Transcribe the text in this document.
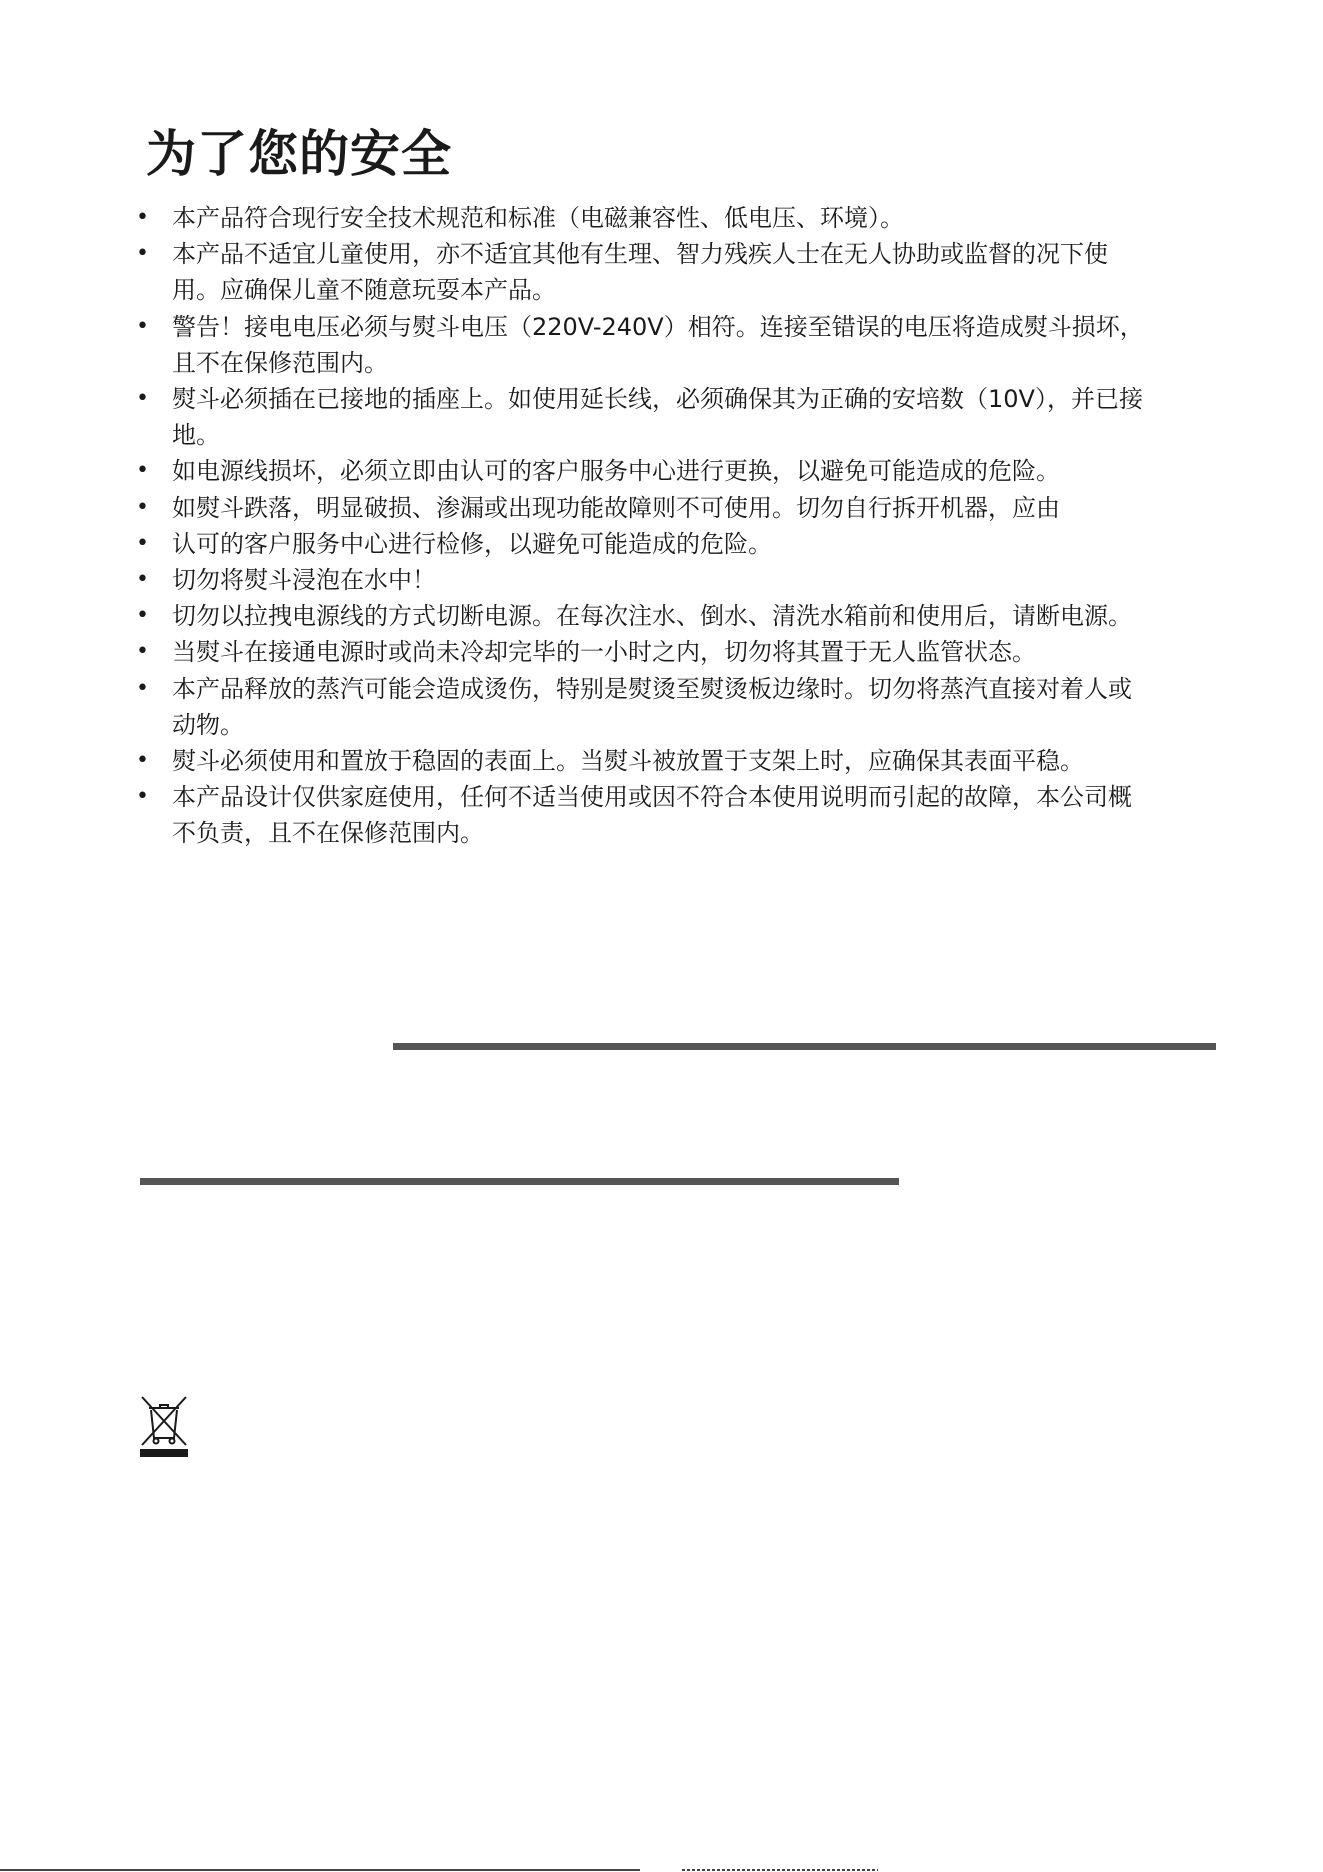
为了您的安全
• 本产品符合现行安全技术规范和标准（电磁兼容性、低电压、环境）。
• 本产品不适宜儿童使用，亦不适宜其他有生理、智力残疾人士在无人协助或监督的况下使用。应确保儿童不随意玩耍本产品。
• 警告！接电电压必须与熨斗电压（220V-240V）相符。连接至错误的电压将造成熨斗损坏，且不在保修范围内。
• 熨斗必须插在已接地的插座上。如使用延长线，必须确保其为正确的安培数（10V），并已接地。
• 如电源线损坏，必须立即由认可的客户服务中心进行更换，以避免可能造成的危险。
• 如熨斗跌落，明显破损、渗漏或出现功能故障则不可使用。切勿自行拆开机器，应由
• 认可的客户服务中心进行检修，以避免可能造成的危险。
• 切勿将熨斗浸泡在水中！
• 切勿以拉拽电源线的方式切断电源。在每次注水、倒水、清洗水箱前和使用后，请断电源。
• 当熨斗在接通电源时或尚未冷却完毕的一小时之内，切勿将其置于无人监管状态。
• 本产品释放的蒸汽可能会造成烫伤，特别是熨烫至熨烫板边缘时。切勿将蒸汽直接对着人或动物。
• 熨斗必须使用和置放于稳固的表面上。当熨斗被放置于支架上时，应确保其表面平稳。
• 本产品设计仅供家庭使用，任何不适当使用或因不符合本使用说明而引起的故障，本公司概不负责，且不在保修范围内。
